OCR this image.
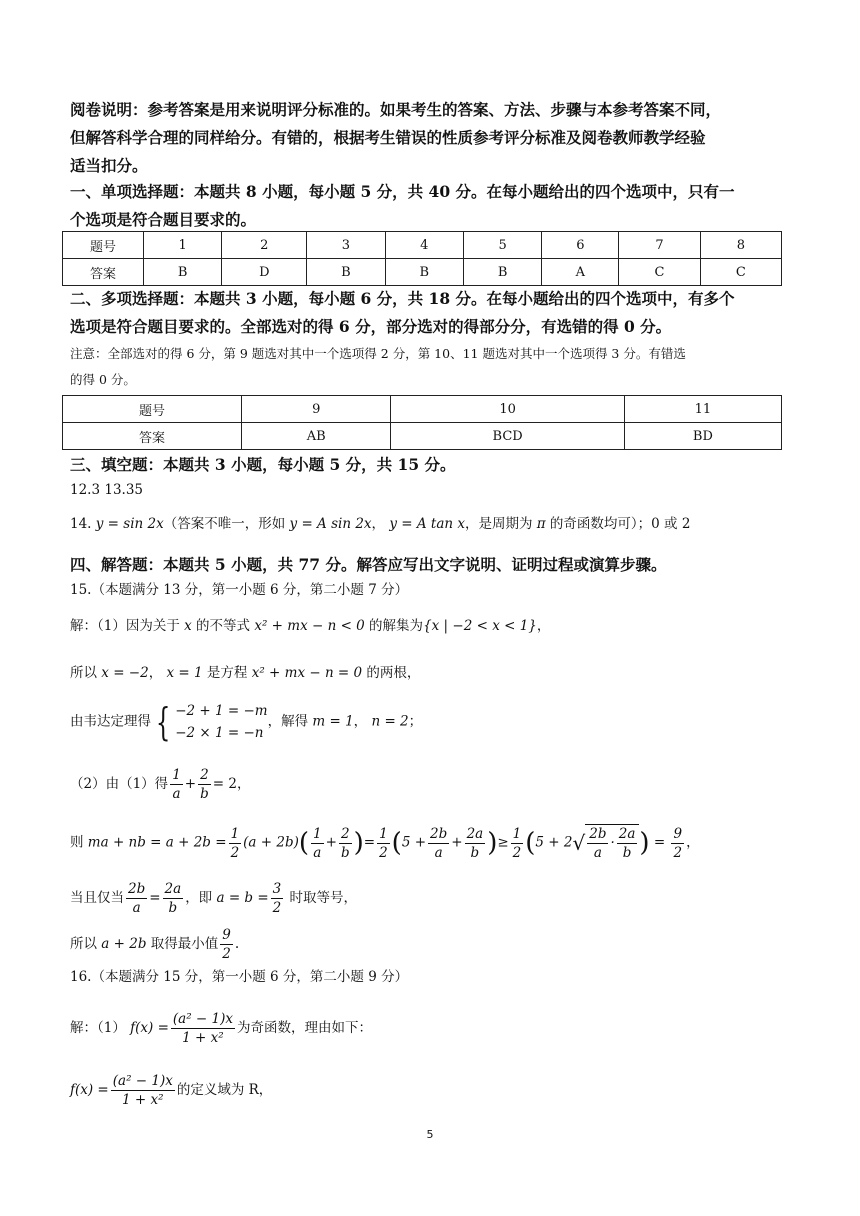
阅卷说明：参考答案是用来说明评分标准的。如果考生的答案、方法、步骤与本参考答案不同，
但解答科学合理的同样给分。有错的，根据考生错误的性质参考评分标准及阅卷教师教学经验
适当扣分。
一、单项选择题：本题共 8 小题，每小题 5 分，共 40 分。在每小题给出的四个选项中，只有一
个选项是符合题目要求的。
题号	1	2	3	4	5	6	7	8
答案	B	D	B	B	B	A	C	C
二、多项选择题：本题共 3 小题，每小题 6 分，共 18 分。在每小题给出的四个选项中，有多个
选项是符合题目要求的。全部选对的得 6 分，部分选对的得部分分，有选错的得 0 分。
注意：全部选对的得 6 分，第 9 题选对其中一个选项得 2 分，第 10、11 题选对其中一个选项得 3 分。有错选
的得 0 分。
题号	9	10	11
答案	AB	BCD	BD
三、填空题：本题共 3 小题，每小题 5 分，共 15 分。
12.3 13.35
14. y = sin 2x（答案不唯一，形如 y = A sin 2x， y = A tan x，是周期为 π 的奇函数均可）；0 或 2
四、解答题：本题共 5 小题，共 77 分。解答应写出文字说明、证明过程或演算步骤。
15.（本题满分 13 分，第一小题 6 分，第二小题 7 分）
解：（1）因为关于 x 的不等式 x² + mx − n < 0 的解集为{x | −2 < x < 1}，
所以 x = −2， x = 1 是方程 x² + mx − n = 0 的两根，
由韦达定理得 { −2 + 1 = −m
−2 × 1 = −n
，解得 m = 1， n = 2；
（2）由（1）得 $\frac{1}{a} + \frac{2}{b} = 2$，
则 ma + nb = $a + 2b = \frac{1}{2} (a + 2b)( \frac{1}{a} + \frac{2}{b}$ )= $\frac{1}{2} (5 + \frac{2b}{a} + \frac{2a}{b}$ )≥ $\frac{1}{2} (5 + 2√ \frac{2b}{a} \cdot \frac{2a}{b}$ ) = $\frac{9}{2}$ ，
当且仅当 $\frac{2b}{a} = \frac{2a}{b}$ ，即 $a = b = \frac{3}{2}$ 时取等号，
所以 a + 2b 取得最小值 $\frac{9}{2}$ .
16.（本题满分 15 分，第一小题 6 分，第二小题 9 分）
解：（1） $f(x) = \frac{\text{(a² − 1)x}}{\text{1 + x²}}$ 为奇函数，理由如下：
$f(x) = \frac{\text{(a² − 1)x}}{\text{1 + x²}}$ 的定义域为 R，
5
